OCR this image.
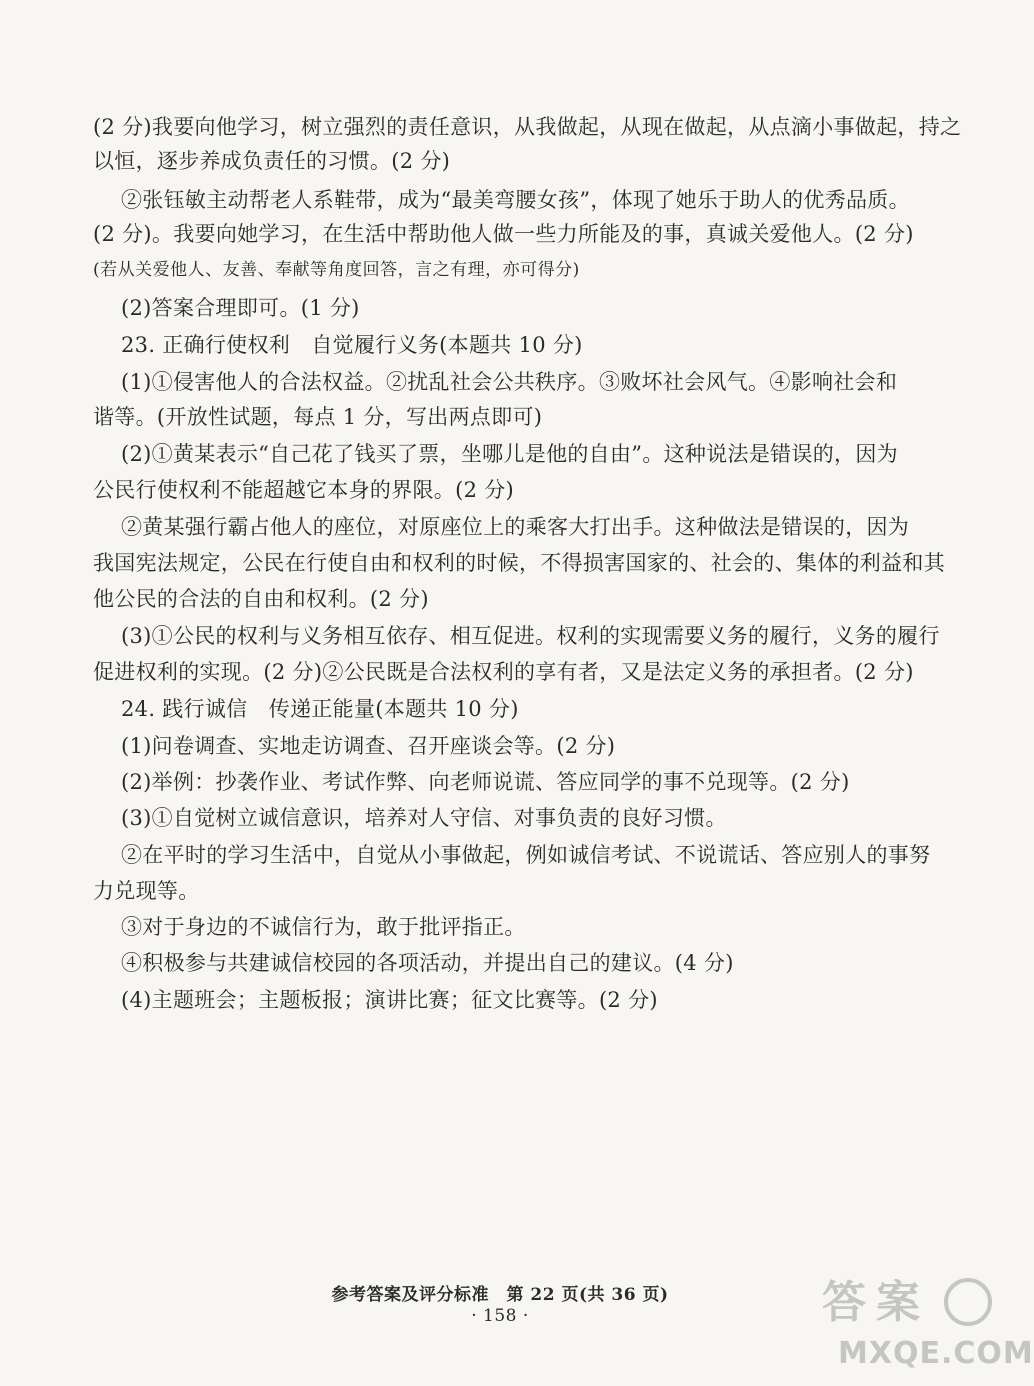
(2 分)我要向他学习，树立强烈的责任意识，从我做起，从现在做起，从点滴小事做起，持之
以恒，逐步养成负责任的习惯。(2 分)
②张钰敏主动帮老人系鞋带，成为“最美弯腰女孩”，体现了她乐于助人的优秀品质。
(2 分)。我要向她学习，在生活中帮助他人做一些力所能及的事，真诚关爱他人。(2 分)
(若从关爱他人、友善、奉献等角度回答，言之有理，亦可得分)
(2)答案合理即可。(1 分)
23. 正确行使权利　自觉履行义务(本题共 10 分)
(1)①侵害他人的合法权益。②扰乱社会公共秩序。③败坏社会风气。④影响社会和
谐等。(开放性试题，每点 1 分，写出两点即可)
(2)①黄某表示“自己花了钱买了票，坐哪儿是他的自由”。这种说法是错误的，因为
公民行使权利不能超越它本身的界限。(2 分)
②黄某强行霸占他人的座位，对原座位上的乘客大打出手。这种做法是错误的，因为
我国宪法规定，公民在行使自由和权利的时候，不得损害国家的、社会的、集体的利益和其
他公民的合法的自由和权利。(2 分)
(3)①公民的权利与义务相互依存、相互促进。权利的实现需要义务的履行，义务的履行
促进权利的实现。(2 分)②公民既是合法权利的享有者，又是法定义务的承担者。(2 分)
24. 践行诚信　传递正能量(本题共 10 分)
(1)问卷调查、实地走访调查、召开座谈会等。(2 分)
(2)举例：抄袭作业、考试作弊、向老师说谎、答应同学的事不兑现等。(2 分)
(3)①自觉树立诚信意识，培养对人守信、对事负责的良好习惯。
②在平时的学习生活中，自觉从小事做起，例如诚信考试、不说谎话、答应别人的事努
力兑现等。
③对于身边的不诚信行为，敢于批评指正。
④积极参与共建诚信校园的各项活动，并提出自己的建议。(4 分)
(4)主题班会；主题板报；演讲比赛；征文比赛等。(2 分)
参考答案及评分标准　第 22 页(共 36 页)
· 158 ·	答 案
MXQE.COM
